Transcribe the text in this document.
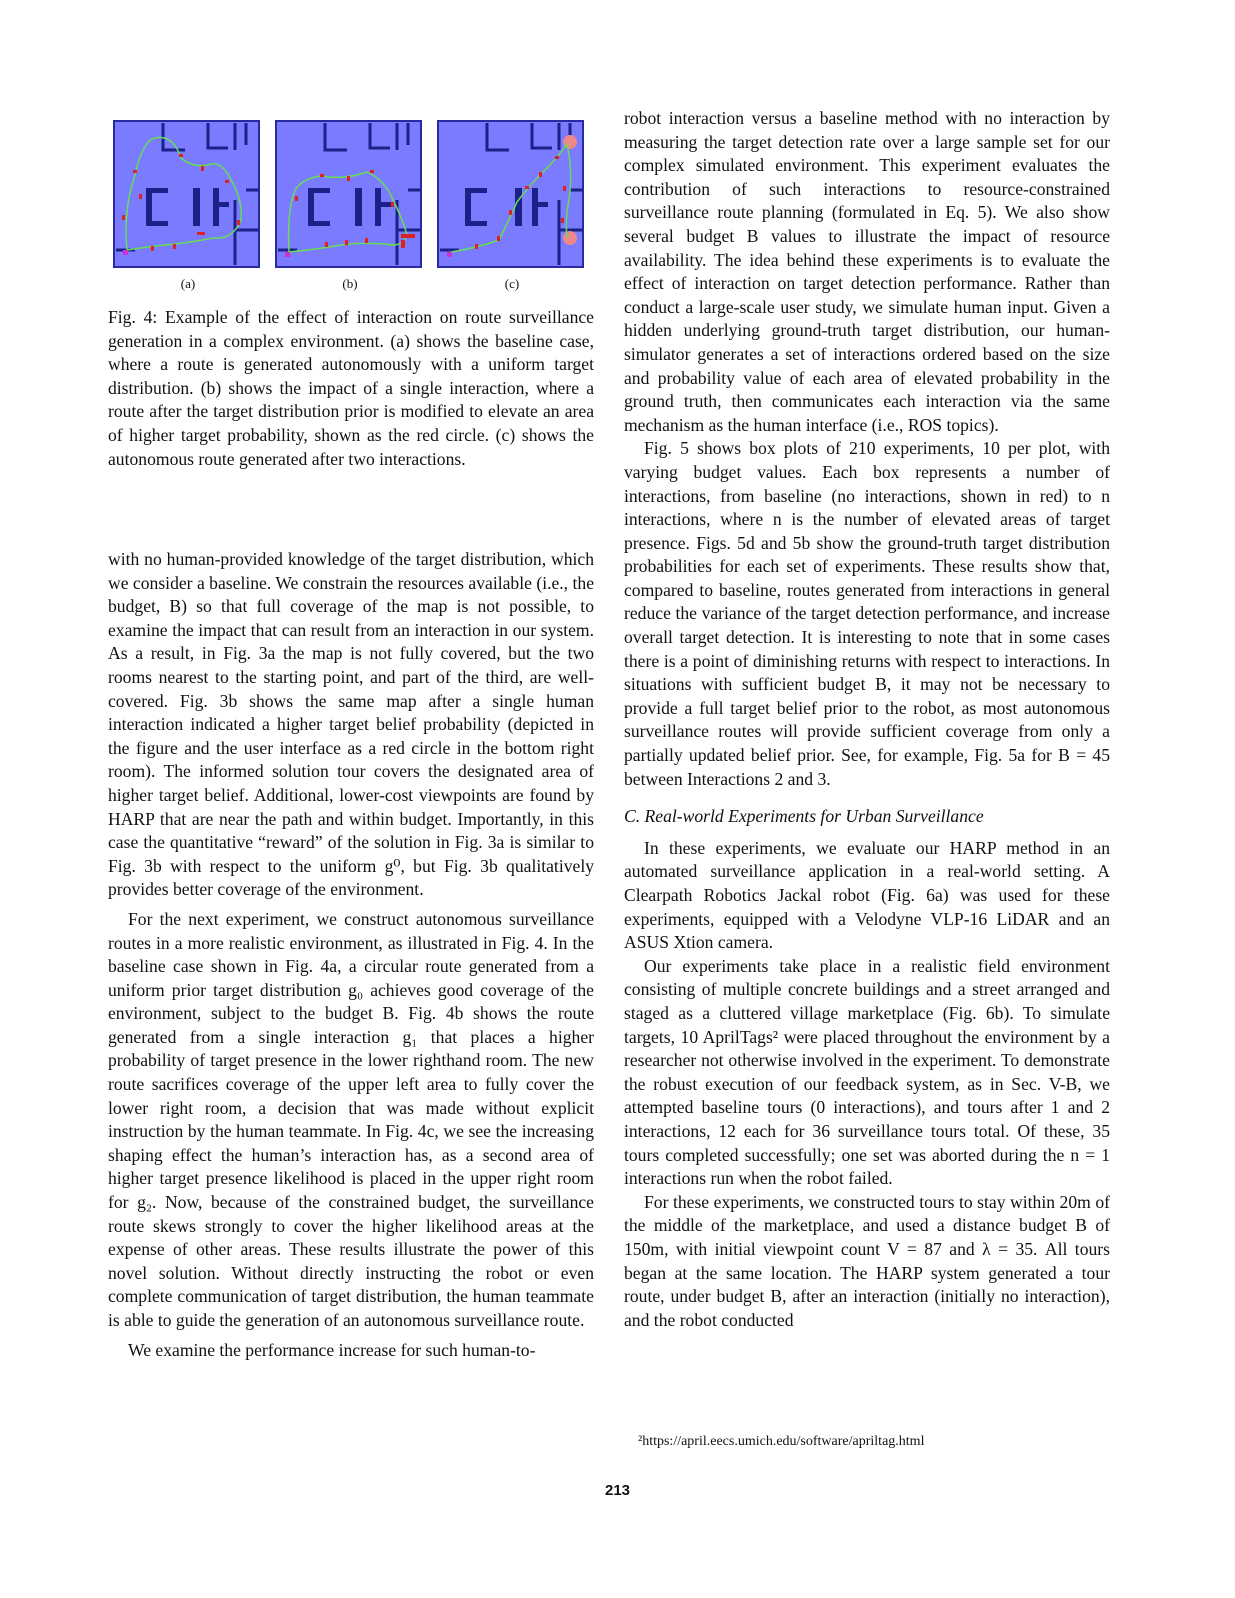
(a)	(b)	(c)

Fig. 4: Example of the effect of interaction on route surveillance generation in a complex environment. (a) shows the baseline case, where a route is generated autonomously with a uniform target distribution. (b) shows the impact of a single interaction, where a route after the target distribution prior is modified to elevate an area of higher target probability, shown as the red circle. (c) shows the autonomous route generated after two interactions.

with no human-provided knowledge of the target distribution, which we consider a baseline. We constrain the resources available (i.e., the budget, B) so that full coverage of the map is not possible, to examine the impact that can result from an interaction in our system. As a result, in Fig. 3a the map is not fully covered, but the two rooms nearest to the starting point, and part of the third, are well-covered. Fig. 3b shows the same map after a single human interaction indicated a higher target belief probability (depicted in the figure and the user interface as a red circle in the bottom right room). The informed solution tour covers the designated area of higher target belief. Additional, lower-cost viewpoints are found by HARP that are near the path and within budget. Importantly, in this case the quantitative “reward” of the solution in Fig. 3a is similar to Fig. 3b with respect to the uniform g⁰, but Fig. 3b qualitatively provides better coverage of the environment.

For the next experiment, we construct autonomous surveillance routes in a more realistic environment, as illustrated in Fig. 4. In the baseline case shown in Fig. 4a, a circular route generated from a uniform prior target distribution g₀ achieves good coverage of the environment, subject to the budget B. Fig. 4b shows the route generated from a single interaction g₁ that places a higher probability of target presence in the lower righthand room. The new route sacrifices coverage of the upper left area to fully cover the lower right room, a decision that was made without explicit instruction by the human teammate. In Fig. 4c, we see the increasing shaping effect the human’s interaction has, as a second area of higher target presence likelihood is placed in the upper right room for g₂. Now, because of the constrained budget, the surveillance route skews strongly to cover the higher likelihood areas at the expense of other areas. These results illustrate the power of this novel solution. Without directly instructing the robot or even complete communication of target distribution, the human teammate is able to guide the generation of an autonomous surveillance route.

We examine the performance increase for such human-to-

robot interaction versus a baseline method with no interaction by measuring the target detection rate over a large sample set for our complex simulated environment. This experiment evaluates the contribution of such interactions to resource-constrained surveillance route planning (formulated in Eq. 5). We also show several budget B values to illustrate the impact of resource availability. The idea behind these experiments is to evaluate the effect of interaction on target detection performance. Rather than conduct a large-scale user study, we simulate human input. Given a hidden underlying ground-truth target distribution, our human-simulator generates a set of interactions ordered based on the size and probability value of each area of elevated probability in the ground truth, then communicates each interaction via the same mechanism as the human interface (i.e., ROS topics).

Fig. 5 shows box plots of 210 experiments, 10 per plot, with varying budget values. Each box represents a number of interactions, from baseline (no interactions, shown in red) to n interactions, where n is the number of elevated areas of target presence. Figs. 5d and 5b show the ground-truth target distribution probabilities for each set of experiments. These results show that, compared to baseline, routes generated from interactions in general reduce the variance of the target detection performance, and increase overall target detection. It is interesting to note that in some cases there is a point of diminishing returns with respect to interactions. In situations with sufficient budget B, it may not be necessary to provide a full target belief prior to the robot, as most autonomous surveillance routes will provide sufficient coverage from only a partially updated belief prior. See, for example, Fig. 5a for B = 45 between Interactions 2 and 3.

C. Real-world Experiments for Urban Surveillance

In these experiments, we evaluate our HARP method in an automated surveillance application in a real-world setting. A Clearpath Robotics Jackal robot (Fig. 6a) was used for these experiments, equipped with a Velodyne VLP-16 LiDAR and an ASUS Xtion camera.

Our experiments take place in a realistic field environment consisting of multiple concrete buildings and a street arranged and staged as a cluttered village marketplace (Fig. 6b). To simulate targets, 10 AprilTags² were placed throughout the environment by a researcher not otherwise involved in the experiment. To demonstrate the robust execution of our feedback system, as in Sec. V-B, we attempted baseline tours (0 interactions), and tours after 1 and 2 interactions, 12 each for 36 surveillance tours total. Of these, 35 tours completed successfully; one set was aborted during the n = 1 interactions run when the robot failed.

For these experiments, we constructed tours to stay within 20m of the middle of the marketplace, and used a distance budget B of 150m, with initial viewpoint count V = 87 and λ = 35. All tours began at the same location. The HARP system generated a tour route, under budget B, after an interaction (initially no interaction), and the robot conducted

²https://april.eecs.umich.edu/software/apriltag.html
213
